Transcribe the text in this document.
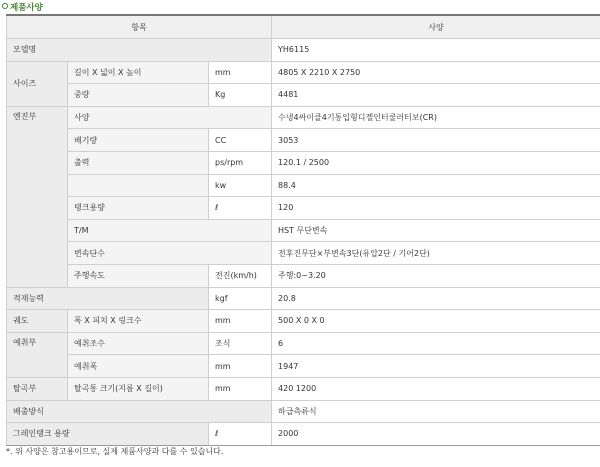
제품사양
항목			사양
모델명			YH6115
사이즈	길이 X 넓이 X 높이	mm	4805 X 2210 X 2750
	중량	Kg	4481
엔진부	사양		수냉4싸이클4기통입형디젤인터쿨러터보(CR)
	배기량	CC	3053
	출력	ps/rpm	120.1 / 2500
		kw	88.4
	탱크용량	ℓ	120
	T/M		HST 무단변속
	변속단수		전후진무단×부변속3단(유압2단 / 기어2단)
	주행속도	전진(km/h)	주행:0~3.20
적재능력		kgf	20.8
궤도	폭 X 피치 X 링크수	mm	500 X 0 X 0
예취부	예취조수	조식	6
	예취폭	mm	1947
탈곡부	탈곡통 크기(지름 X 길이)	mm	420 1200
배출방식			하급측류식
그레인탱크 용량		ℓ	2000
*. 위 사양은 참고용이므로, 실제 제품사양과 다를 수 있습니다.
